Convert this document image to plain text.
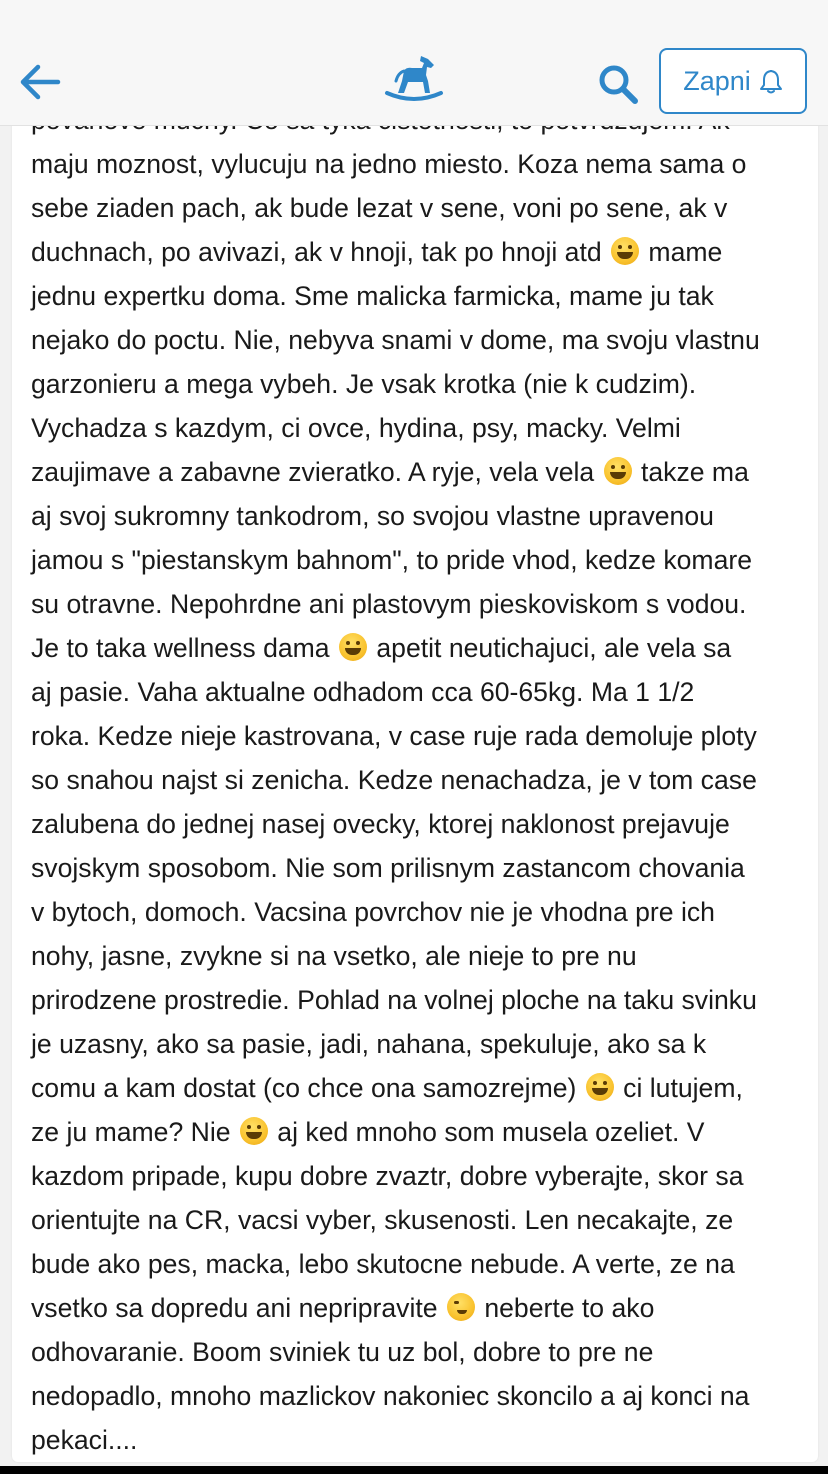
Zapni
maju moznost, vylucuju na jedno miesto. Koza nema sama o
sebe ziaden pach, ak bude lezat v sene, voni po sene, ak v
duchnach, po avivazi, ak v hnoji, tak po hnoji atd  mame
jednu expertku doma. Sme malicka farmicka, mame ju tak
nejako do poctu. Nie, nebyva snami v dome, ma svoju vlastnu
garzonieru a mega vybeh. Je vsak krotka (nie k cudzim).
Vychadza s kazdym, ci ovce, hydina, psy, macky. Velmi
zaujimave a zabavne zvieratko. A ryje, vela vela  takze ma
aj svoj sukromny tankodrom, so svojou vlastne upravenou
jamou s "piestanskym bahnom", to pride vhod, kedze komare
su otravne. Nepohrdne ani plastovym pieskoviskom s vodou.
Je to taka wellness dama  apetit neutichajuci, ale vela sa
aj pasie. Vaha aktualne odhadom cca 60-65kg. Ma 1 1/2
roka. Kedze nieje kastrovana, v case ruje rada demoluje ploty
so snahou najst si zenicha. Kedze nenachadza, je v tom case
zalubena do jednej nasej ovecky, ktorej naklonost prejavuje
svojskym sposobom. Nie som prilisnym zastancom chovania
v bytoch, domoch. Vacsina povrchov nie je vhodna pre ich
nohy, jasne, zvykne si na vsetko, ale nieje to pre nu
prirodzene prostredie. Pohlad na volnej ploche na taku svinku
je uzasny, ako sa pasie, jadi, nahana, spekuluje, ako sa k
comu a kam dostat (co chce ona samozrejme)  ci lutujem,
ze ju mame? Nie  aj ked mnoho som musela ozeliet. V
kazdom pripade, kupu dobre zvaztr, dobre vyberajte, skor sa
orientujte na CR, vacsi vyber, skusenosti. Len necakajte, ze
bude ako pes, macka, lebo skutocne nebude. A verte, ze na
vsetko sa dopredu ani nepripravite  neberte to ako
odhovaranie. Boom sviniek tu uz bol, dobre to pre ne
nedopadlo, mnoho mazlickov nakoniec skoncilo a aj konci na
pekaci....
